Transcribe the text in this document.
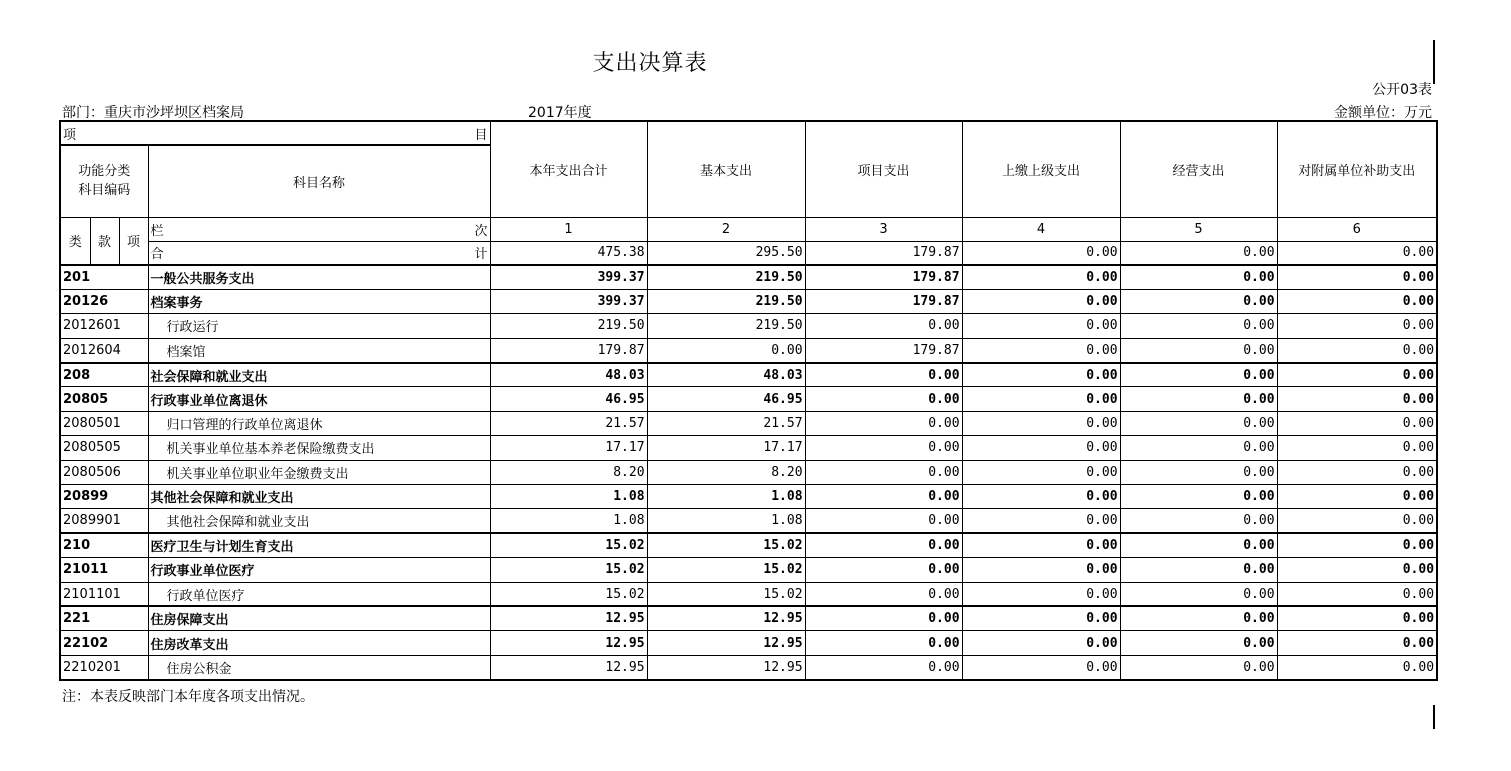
支出决算表
公开03表
部门：重庆市沙坪坝区档案局	2017年度	金额单位：万元
项 目				本年支出合计	基本支出	项目支出	上缴上级支出	经营支出	对附属单位补助支出

功能分类
科目编码			科目名称						

类	款	项	栏 次	1	2	3	4	5	6

			合 计	475.38	295.50	179.87	0.00	0.00	0.00
201			一般公共服务支出	399.37	219.50	179.87	0.00	0.00	0.00
20126			档案事务	399.37	219.50	179.87	0.00	0.00	0.00
2012601			行政运行	219.50	219.50	0.00	0.00	0.00	0.00
2012604			档案馆	179.87	0.00	179.87	0.00	0.00	0.00
208			社会保障和就业支出	48.03	48.03	0.00	0.00	0.00	0.00
20805			行政事业单位离退休	46.95	46.95	0.00	0.00	0.00	0.00
2080501			归口管理的行政单位离退休	21.57	21.57	0.00	0.00	0.00	0.00
2080505			机关事业单位基本养老保险缴费支出	17.17	17.17	0.00	0.00	0.00	0.00
2080506			机关事业单位职业年金缴费支出	8.20	8.20	0.00	0.00	0.00	0.00
20899			其他社会保障和就业支出	1.08	1.08	0.00	0.00	0.00	0.00
2089901			其他社会保障和就业支出	1.08	1.08	0.00	0.00	0.00	0.00
210			医疗卫生与计划生育支出	15.02	15.02	0.00	0.00	0.00	0.00
21011			行政事业单位医疗	15.02	15.02	0.00	0.00	0.00	0.00
2101101			行政单位医疗	15.02	15.02	0.00	0.00	0.00	0.00
221			住房保障支出	12.95	12.95	0.00	0.00	0.00	0.00
22102			住房改革支出	12.95	12.95	0.00	0.00	0.00	0.00
2210201			住房公积金	12.95	12.95	0.00	0.00	0.00	0.00
注：本表反映部门本年度各项支出情况。
